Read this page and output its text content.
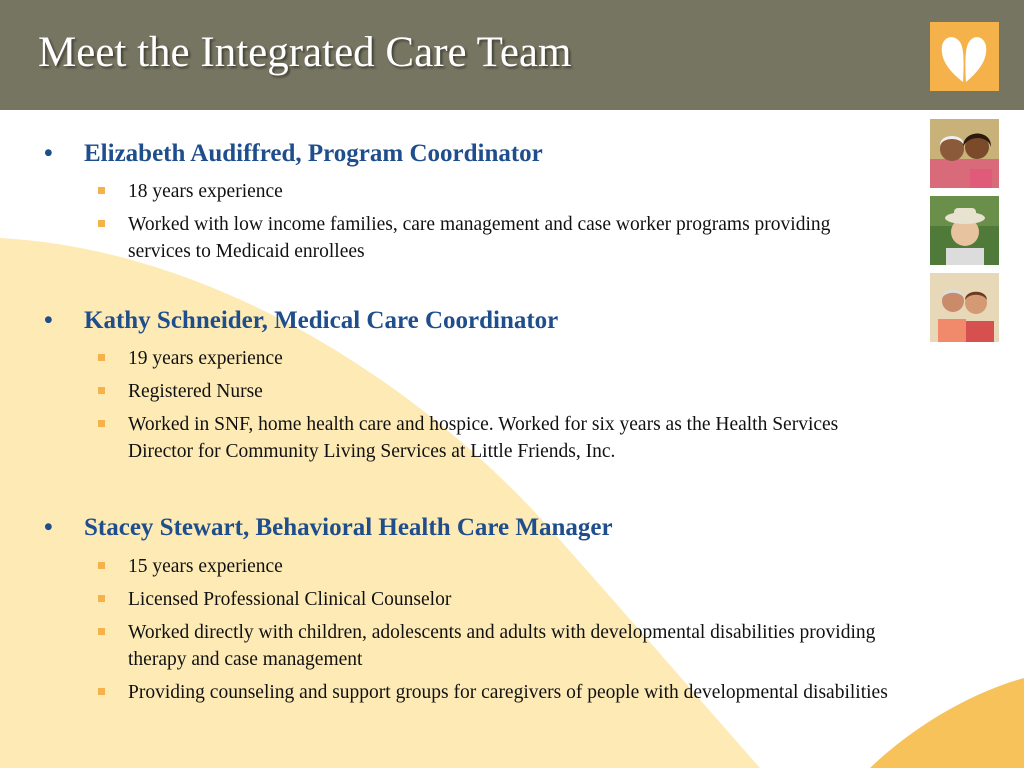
Meet the Integrated Care Team
• Elizabeth Audiffred, Program Coordinator
18 years experience
Worked with low income families, care management and case worker programs providing services to Medicaid enrollees
• Kathy Schneider, Medical Care Coordinator
19 years experience
Registered Nurse
Worked in SNF, home health care and hospice. Worked for six years as the Health Services Director for Community Living Services at Little Friends, Inc.
• Stacey Stewart, Behavioral Health Care Manager
15 years experience
Licensed Professional Clinical Counselor
Worked directly with children, adolescents and adults with developmental disabilities providing therapy and case management
Providing counseling and support groups for caregivers of people with developmental disabilities
